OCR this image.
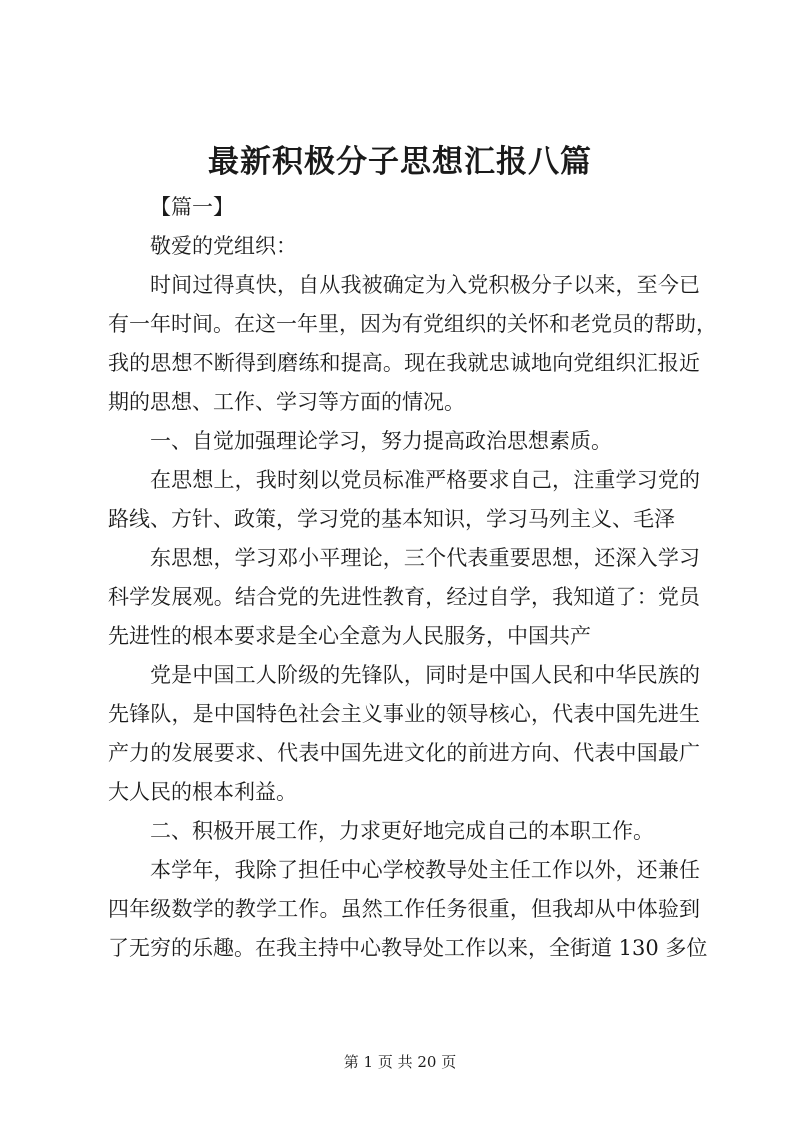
最新积极分子思想汇报八篇

【篇一】

敬爱的党组织：

时间过得真快，自从我被确定为入党积极分子以来，至今已

有一年时间。在这一年里，因为有党组织的关怀和老党员的帮助，

我的思想不断得到磨练和提高。现在我就忠诚地向党组织汇报近

期的思想、工作、学习等方面的情况。

一、自觉加强理论学习，努力提高政治思想素质。

在思想上，我时刻以党员标准严格要求自己，注重学习党的

路线、方针、政策，学习党的基本知识，学习马列主义、毛泽

东思想，学习邓小平理论，三个代表重要思想，还深入学习

科学发展观。结合党的先进性教育，经过自学，我知道了：党员

先进性的根本要求是全心全意为人民服务，中国共产

党是中国工人阶级的先锋队，同时是中国人民和中华民族的

先锋队，是中国特色社会主义事业的领导核心，代表中国先进生

产力的发展要求、代表中国先进文化的前进方向、代表中国最广

大人民的根本利益。

二、积极开展工作，力求更好地完成自己的本职工作。

本学年，我除了担任中心学校教导处主任工作以外，还兼任

四年级数学的教学工作。虽然工作任务很重，但我却从中体验到

了无穷的乐趣。在我主持中心教导处工作以来，全街道 130 多位

第 1 页 共 20 页
